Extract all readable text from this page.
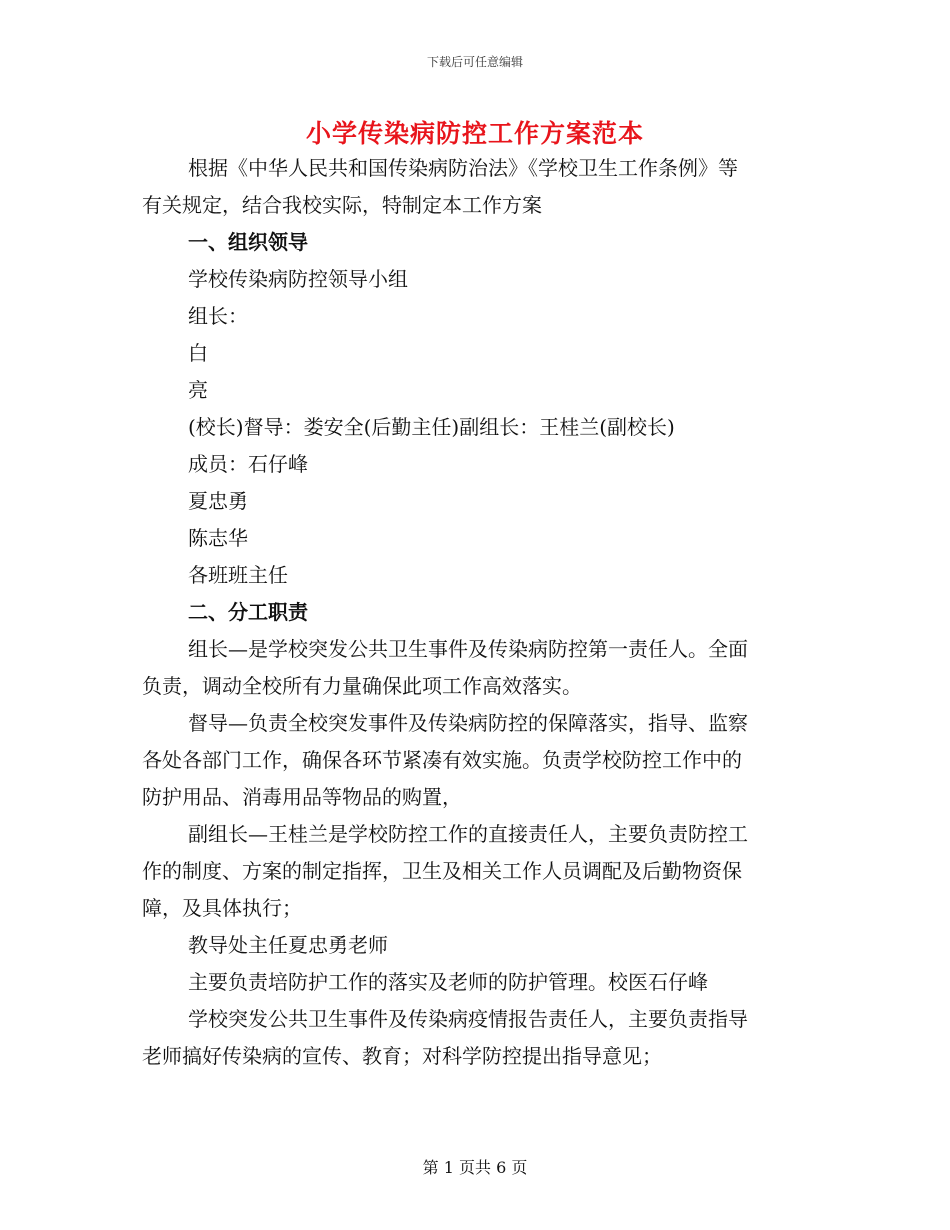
下载后可任意编辑
小学传染病防控工作方案范本
根据《中华人民共和国传染病防治法》《学校卫生工作条例》等
有关规定，结合我校实际，特制定本工作方案
一、组织领导
学校传染病防控领导小组
组长：
白
亮
(校长)督导：娄安全(后勤主任)副组长：王桂兰(副校长)
成员：石仔峰
夏忠勇
陈志华
各班班主任
二、分工职责
组长—是学校突发公共卫生事件及传染病防控第一责任人。全面
负责，调动全校所有力量确保此项工作高效落实。
督导—负责全校突发事件及传染病防控的保障落实，指导、监察
各处各部门工作，确保各环节紧凑有效实施。负责学校防控工作中的
防护用品、消毒用品等物品的购置，
副组长—王桂兰是学校防控工作的直接责任人，主要负责防控工
作的制度、方案的制定指挥，卫生及相关工作人员调配及后勤物资保
障，及具体执行；
教导处主任夏忠勇老师
主要负责培防护工作的落实及老师的防护管理。校医石仔峰
学校突发公共卫生事件及传染病疫情报告责任人，主要负责指导
老师搞好传染病的宣传、教育；对科学防控提出指导意见；
第 1 页共 6 页
